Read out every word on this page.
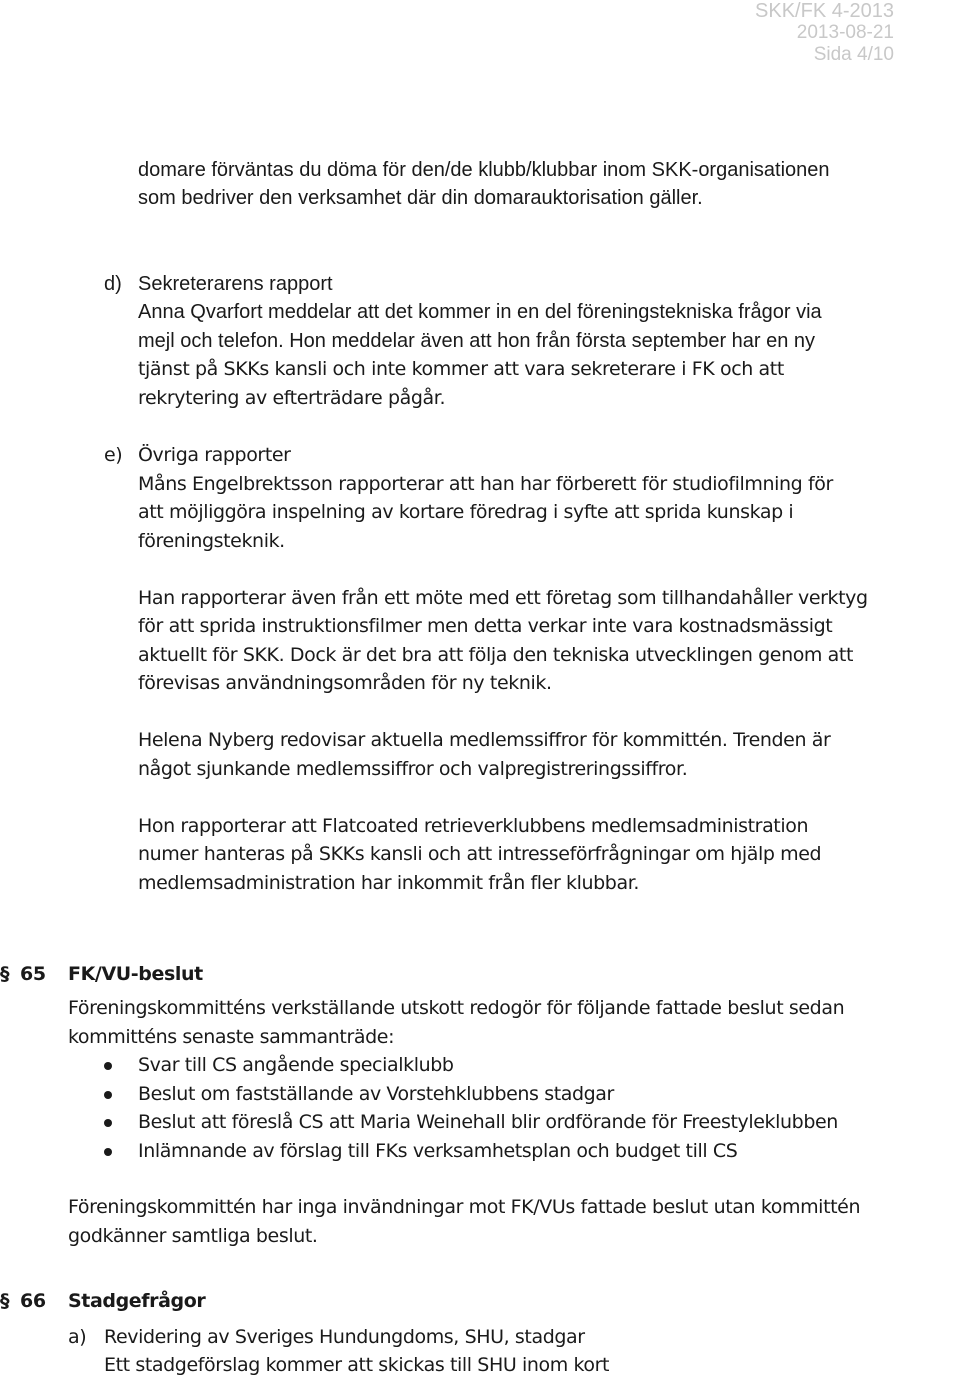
SKK/FK 4-2013
2013-08-21
Sida 4/10
domare förväntas du döma för den/de klubb/klubbar inom SKK-organisationen
som bedriver den verksamhet där din domarauktorisation gäller.
d) Sekreterarens rapport
Anna Qvarfort meddelar att det kommer in en del föreningstekniska frågor via
mejl och telefon. Hon meddelar även att hon från första september har en ny
tjänst på SKKs kansli och inte kommer att vara sekreterare i FK och att
rekrytering av efterträdare pågår.
e) Övriga rapporter
Måns Engelbrektsson rapporterar att han har förberett för studiofilmning för
att möjliggöra inspelning av kortare föredrag i syfte att sprida kunskap i
föreningsteknik.
Han rapporterar även från ett möte med ett företag som tillhandahåller verktyg
för att sprida instruktionsfilmer men detta verkar inte vara kostnadsmässigt
aktuellt för SKK. Dock är det bra att följa den tekniska utvecklingen genom att
förevisas användningsområden för ny teknik.
Helena Nyberg redovisar aktuella medlemssiffror för kommittén. Trenden är
något sjunkande medlemssiffror och valpregistreringssiffror.
Hon rapporterar att Flatcoated retrieverklubbens medlemsadministration
numer hanteras på SKKs kansli och att intresseförfrågningar om hjälp med
medlemsadministration har inkommit från fler klubbar.
§ 65 FK/VU-beslut
Föreningskommitténs verkställande utskott redogör för följande fattade beslut sedan
kommitténs senaste sammanträde:
Svar till CS angående specialklubb
Beslut om fastställande av Vorstehklubbens stadgar
Beslut att föreslå CS att Maria Weinehall blir ordförande för Freestyleklubben
Inlämnande av förslag till FKs verksamhetsplan och budget till CS
Föreningskommittén har inga invändningar mot FK/VUs fattade beslut utan kommittén
godkänner samtliga beslut.
§ 66 Stadgefrågor
a) Revidering av Sveriges Hundungdoms, SHU, stadgar
Ett stadgeförslag kommer att skickas till SHU inom kort
